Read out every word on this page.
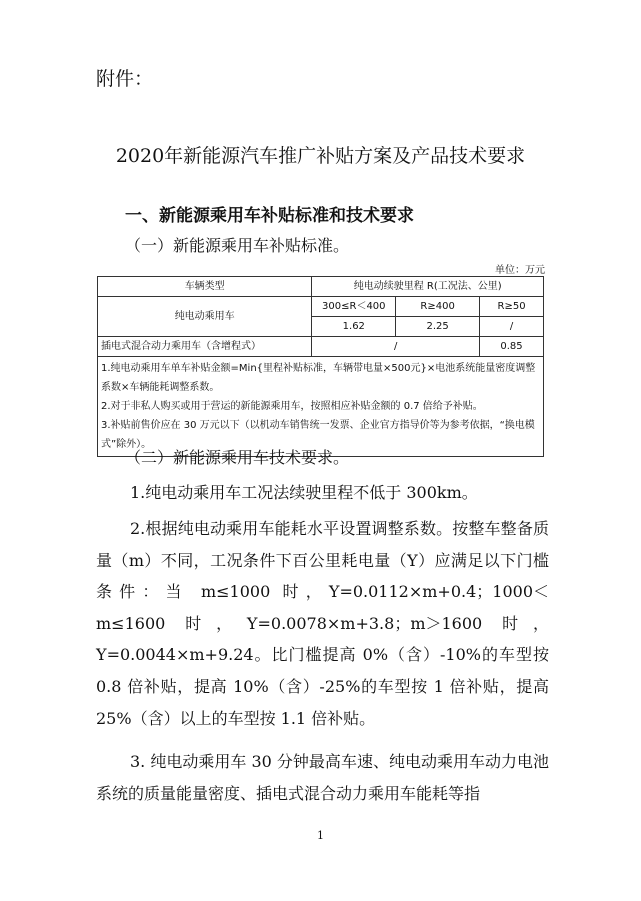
附件：
2020年新能源汽车推广补贴方案及产品技术要求
一、新能源乘用车补贴标准和技术要求
（一）新能源乘用车补贴标准。
单位：万元
车辆类型	纯电动续驶里程 R(工况法、公里)		
纯电动乘用车	300≤R＜400	R≥400	R≥50
	1.62	2.25	/
插电式混合动力乘用车（含增程式）	/		0.85

1.纯电动乘用车单车补贴金额=Min{里程补贴标准，车辆带电量×500元}×电池系统能量密度调整系数×车辆能耗调整系数。

2.对于非私人购买或用于营运的新能源乘用车，按照相应补贴金额的 0.7 倍给予补贴。

3.补贴前售价应在 30 万元以下（以机动车销售统一发票、企业官方指导价等为参考依据，“换电模式”除外）。			

（二）新能源乘用车技术要求。
1.纯电动乘用车工况法续驶里程不低于 300km。
2.根据纯电动乘用车能耗水平设置调整系数。按整车整备质量（m）不同，工况条件下百公里耗电量（Y）应满足以下门槛条件：当 m≤1000 时，Y=0.0112×m+0.4；1000＜m≤1600 时，Y=0.0078×m+3.8；m＞1600 时，Y=0.0044×m+9.24。比门槛提高 0%（含）-10%的车型按 0.8 倍补贴，提高 10%（含）-25%的车型按 1 倍补贴，提高 25%（含）以上的车型按 1.1 倍补贴。
3. 纯电动乘用车 30 分钟最高车速、纯电动乘用车动力电池系统的质量能量密度、插电式混合动力乘用车能耗等指
1
